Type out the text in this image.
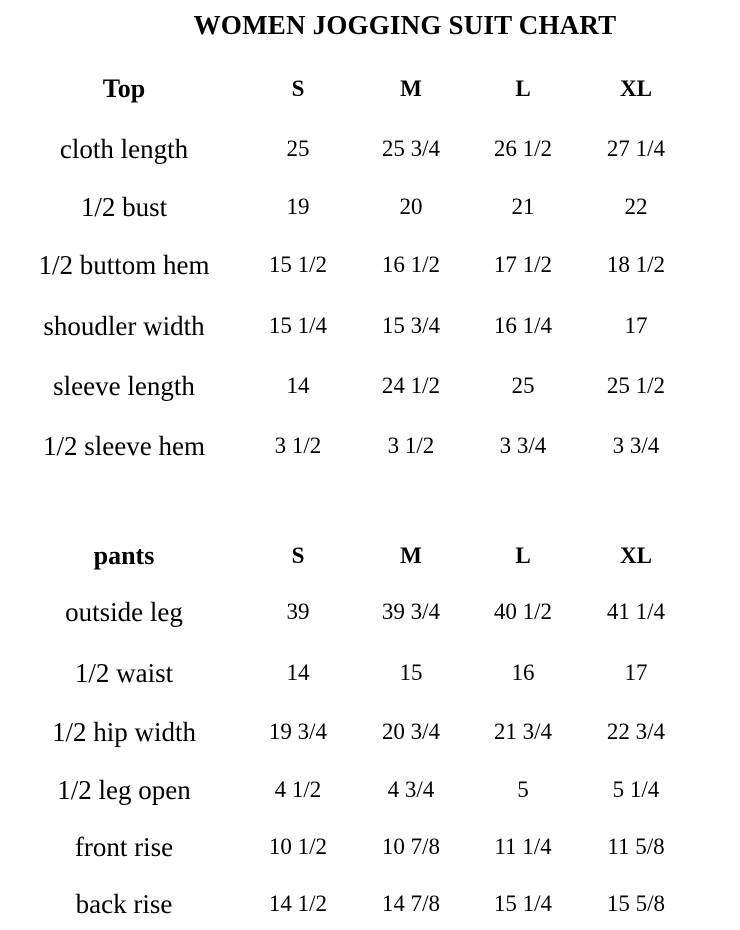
WOMEN JOGGING SUIT CHART
Top	S	M	L	XL
cloth length	25	25 3/4	26 1/2	27 1/4
1/2 bust	19	20	21	22
1/2 buttom hem	15 1/2	16 1/2	17 1/2	18 1/2
shoudler width	15 1/4	15 3/4	16 1/4	17
sleeve length	14	24 1/2	25	25 1/2
1/2 sleeve hem	3 1/2	3 1/2	3 3/4	3 3/4
pants	S	M	L	XL
outside leg	39	39 3/4	40 1/2	41 1/4
1/2 waist	14	15	16	17
1/2 hip width	19 3/4	20 3/4	21 3/4	22 3/4
1/2 leg open	4 1/2	4 3/4	5	5 1/4
front rise	10 1/2	10 7/8	11 1/4	11 5/8
back rise	14 1/2	14 7/8	15 1/4	15 5/8
